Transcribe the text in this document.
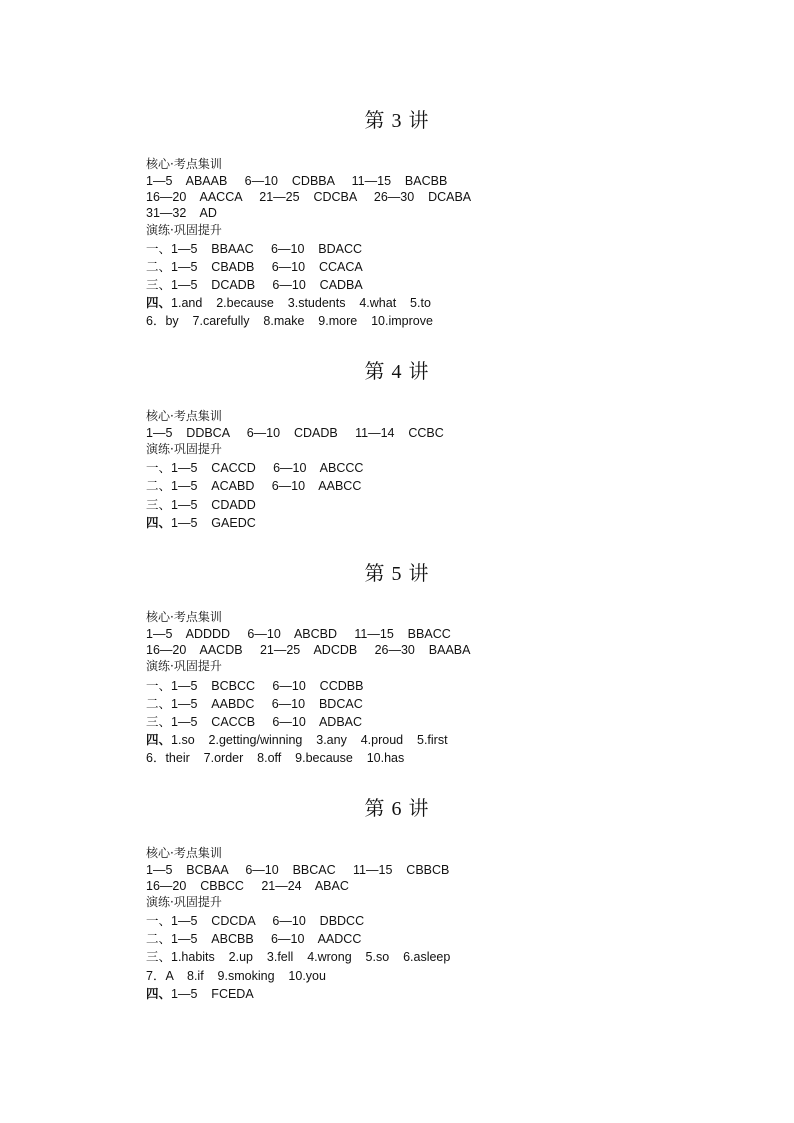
第 3 讲
核心·考点集训
1—5    ABAAB     6—10    CDBBA     11—15    BACBB
16—20    AACCA     21—25    CDCBA     26—30    DCABA
31—32    AD
演练·巩固提升
一、1—5    BBAAC     6—10    BDACC
二、1—5    CBADB     6—10    CCACA
三、1—5    DCADB     6—10    CADBA
四、1.and    2.because    3.students    4.what    5.to
6．by    7.carefully    8.make    9.more    10.improve
第 4 讲
核心·考点集训
1—5    DDBCA     6—10    CDADB     11—14    CCBC
演练·巩固提升
一、1—5    CACCD     6—10    ABCCC
二、1—5    ACABD     6—10    AABCC
三、1—5    CDADD
四、1—5    GAEDC
第 5 讲
核心·考点集训
1—5    ADDDD     6—10    ABCBD     11—15    BBACC
16—20    AACDB     21—25    ADCDB     26—30    BAABA
演练·巩固提升
一、1—5    BCBCC     6—10    CCDBB
二、1—5    AABDC     6—10    BDCAC
三、1—5    CACCB     6—10    ADBAC
四、1.so    2.getting/winning    3.any    4.proud    5.first
6．their    7.order    8.off    9.because    10.has
第 6 讲
核心·考点集训
1—5    BCBAA     6—10    BBCAC     11—15    CBBCB
16—20    CBBCC     21—24    ABAC
演练·巩固提升
一、1—5    CDCDA     6—10    DBDCC
二、1—5    ABCBB     6—10    AADCC
三、1.habits    2.up    3.fell    4.wrong    5.so    6.asleep
7．A    8.if    9.smoking    10.you
四、1—5    FCEDA
